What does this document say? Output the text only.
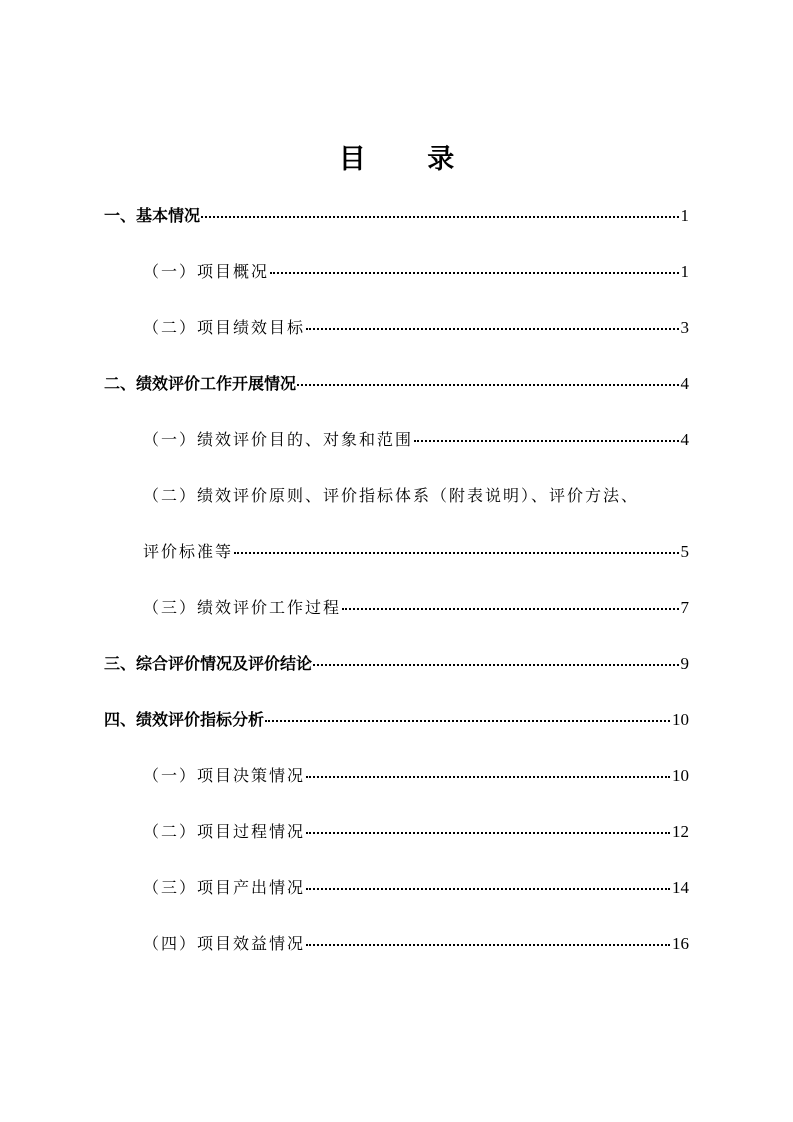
目 录
一、基本情况	1
（一）项目概况	1
（二）项目绩效目标	3
二、绩效评价工作开展情况	4
（一）绩效评价目的、对象和范围	4
（二）绩效评价原则、评价指标体系（附表说明）、评价方法、
评价标准等	5
（三）绩效评价工作过程	7
三、综合评价情况及评价结论	9
四、绩效评价指标分析	10
（一）项目决策情况	10
（二）项目过程情况	12
（三）项目产出情况	14
（四）项目效益情况	16
